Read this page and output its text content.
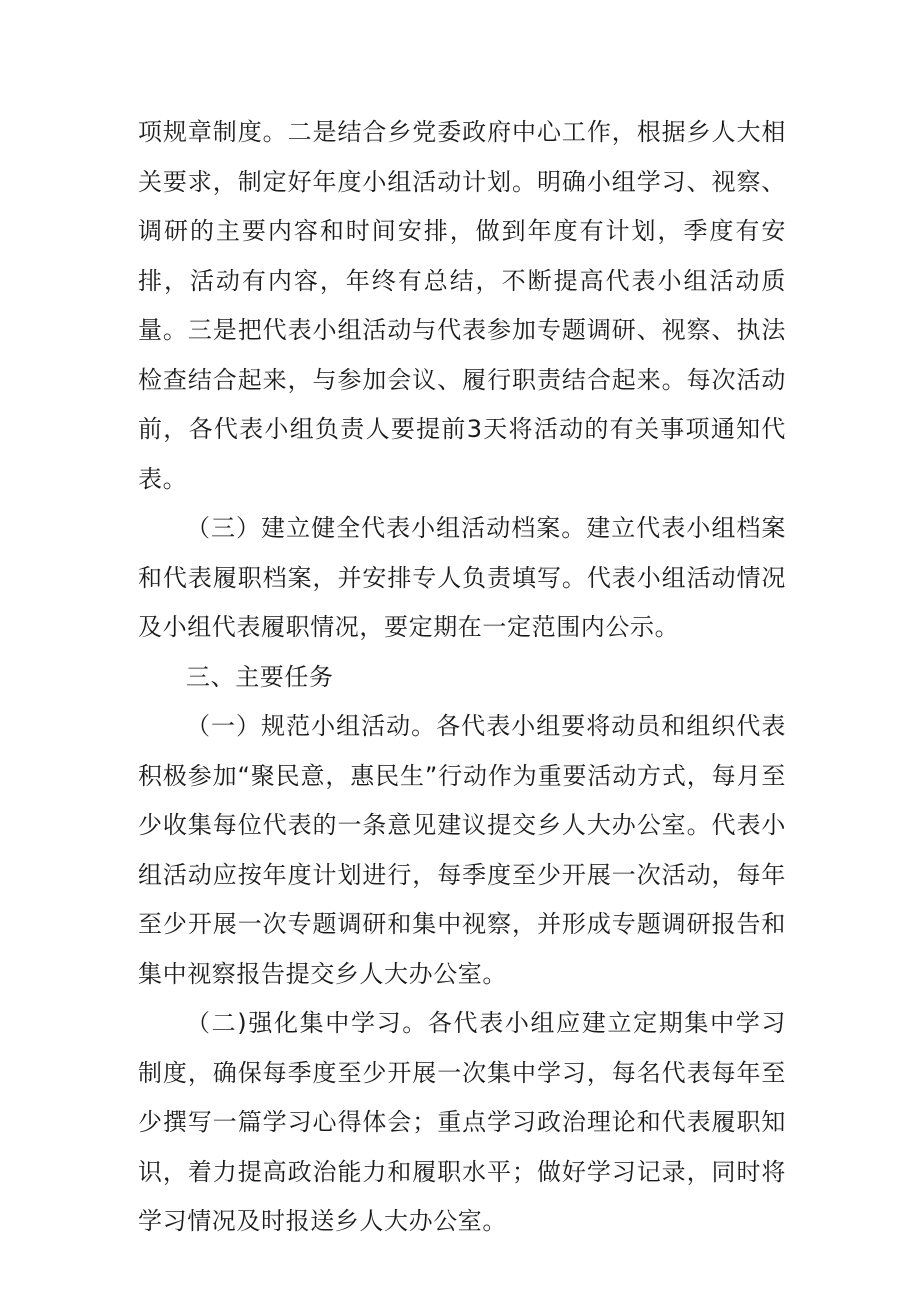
项规章制度。二是结合乡党委政府中心工作，根据乡人大相关要求，制定好年度小组活动计划。明确小组学习、视察、调研的主要内容和时间安排，做到年度有计划，季度有安排，活动有内容，年终有总结，不断提高代表小组活动质量。三是把代表小组活动与代表参加专题调研、视察、执法检查结合起来，与参加会议、履行职责结合起来。每次活动前，各代表小组负责人要提前3天将活动的有关事项通知代表。

（三）建立健全代表小组活动档案。建立代表小组档案和代表履职档案，并安排专人负责填写。代表小组活动情况及小组代表履职情况，要定期在一定范围内公示。

三、主要任务

（一）规范小组活动。各代表小组要将动员和组织代表积极参加“聚民意，惠民生”行动作为重要活动方式，每月至少收集每位代表的一条意见建议提交乡人大办公室。代表小组活动应按年度计划进行，每季度至少开展一次活动，每年至少开展一次专题调研和集中视察，并形成专题调研报告和集中视察报告提交乡人大办公室。

（二)强化集中学习。各代表小组应建立定期集中学习制度，确保每季度至少开展一次集中学习，每名代表每年至少撰写一篇学习心得体会；重点学习政治理论和代表履职知识，着力提高政治能力和履职水平；做好学习记录，同时将学习情况及时报送乡人大办公室。
